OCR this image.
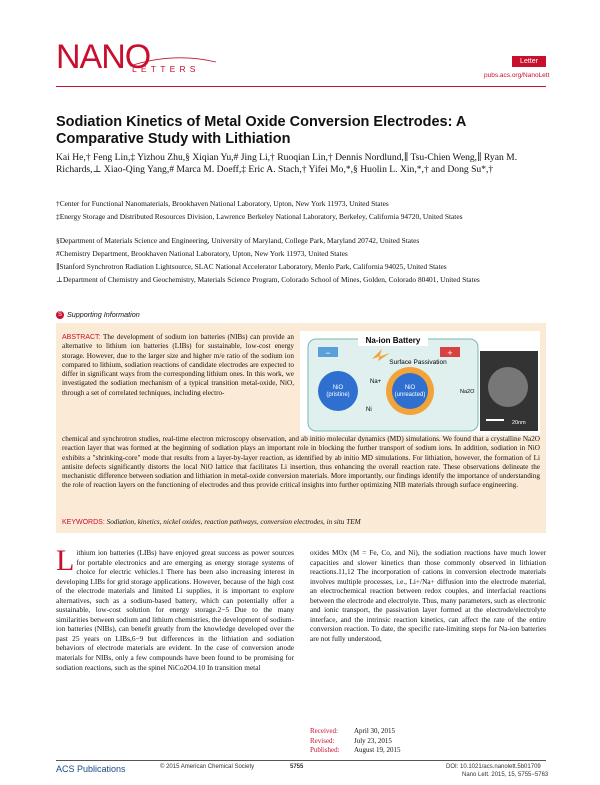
NANO
LETTERS
Letter
pubs.acs.org/NanoLett
Sodiation Kinetics of Metal Oxide Conversion Electrodes: A Comparative Study with Lithiation
Kai He,† Feng Lin,‡ Yizhou Zhu,§ Xiqian Yu,# Jing Li,† Ruoqian Lin,† Dennis Nordlund,∥ Tsu-Chien Weng,∥ Ryan M. Richards,⊥ Xiao-Qing Yang,# Marca M. Doeff,‡ Eric A. Stach,† Yifei Mo,*,§ Huolin L. Xin,*,† and Dong Su*,†
†Center for Functional Nanomaterials, Brookhaven National Laboratory, Upton, New York 11973, United States
‡Energy Storage and Distributed Resources Division, Lawrence Berkeley National Laboratory, Berkeley, California 94720, United States
§Department of Materials Science and Engineering, University of Maryland, College Park, Maryland 20742, United States
#Chemistry Department, Brookhaven National Laboratory, Upton, New York 11973, United States
∥Stanford Synchrotron Radiation Lightsource, SLAC National Accelerator Laboratory, Menlo Park, California 94025, United States
⊥Department of Chemistry and Geochemistry, Materials Science Program, Colorado School of Mines, Golden, Colorado 80401, United States
S Supporting Information
ABSTRACT: The development of sodium ion batteries (NIBs) can provide an alternative to lithium ion batteries (LIBs) for sustainable, low-cost energy storage. However, due to the larger size and higher m/e ratio of the sodium ion compared to lithium, sodiation reactions of candidate electrodes are expected to differ in significant ways from the corresponding lithium ones. In this work, we investigated the sodiation mechanism of a typical transition metal-oxide, NiO, through a set of correlated techniques, including electro-
chemical and synchrotron studies, real-time electron microscopy observation, and ab initio molecular dynamics (MD) simulations. We found that a crystalline Na2O reaction layer that was formed at the beginning of sodiation plays an important role in blocking the further transport of sodium ions. In addition, sodiation in NiO exhibits a "shrinking-core" mode that results from a layer-by-layer reaction, as identified by ab initio MD simulations. For lithiation, however, the formation of Li antisite defects significantly distorts the local NiO lattice that facilitates Li insertion, thus enhancing the overall reaction rate. These observations delineate the mechanistic difference between sodiation and lithiation in metal-oxide conversion materials. More importantly, our findings identify the importance of understanding the role of reaction layers on the functioning of electrodes and thus provide critical insights into further optimizing NIB materials through surface engineering.
KEYWORDS: Sodiation, kinetics, nickel oxides, reaction pathways, conversion electrodes, in situ TEM
Na-ion Battery
−	+
Surface Passivation
NiO (pristine)
NiO (unreacted)
Na+
Ni
Na2O
20nm
Lithium ion batteries (LIBs) have enjoyed great success as power sources for portable electronics and are emerging as energy storage systems of choice for electric vehicles.1 There has been also increasing interest in developing LIBs for grid storage applications. However, because of the high cost of the electrode materials and limited Li supplies, it is important to explore alternatives, such as a sodium-based battery, which can potentially offer a sustainable, low-cost solution for energy storage.2−5 Due to the many similarities between sodium and lithium chemistries, the development of sodium-ion batteries (NIBs), can benefit greatly from the knowledge developed over the past 25 years on LIBs,6−9 but differences in the lithiation and sodiation behaviors of electrode materials are evident. In the case of conversion anode materials for NIBs, only a few compounds have been found to be promising for sodiation reactions, such as the spinel NiCo2O4.10 In transition metal
oxides MOx (M = Fe, Co, and Ni), the sodiation reactions have much lower capacities and slower kinetics than those commonly observed in lithiation reactions.11,12 The incorporation of cations in conversion electrode materials involves multiple processes, i.e., Li+/Na+ diffusion into the electrode material, an electrochemical reaction between redox couples, and interfacial reactions between the electrode and electrolyte. Thus, many parameters, such as electronic and ionic transport, the passivation layer formed at the electrode/electrolyte interface, and the intrinsic reaction kinetics, can affect the rate of the entire conversion reaction. To date, the specific rate-limiting steps for Na-ion batteries are not fully understood,
Received: April 30, 2015
Revised:	July 23, 2015
Published: August 19, 2015
ACS Publications	© 2015 American Chemical Society	5755	DOI: 10.1021/acs.nanolett.5b01709
Nano Lett. 2015, 15, 5755−5763
